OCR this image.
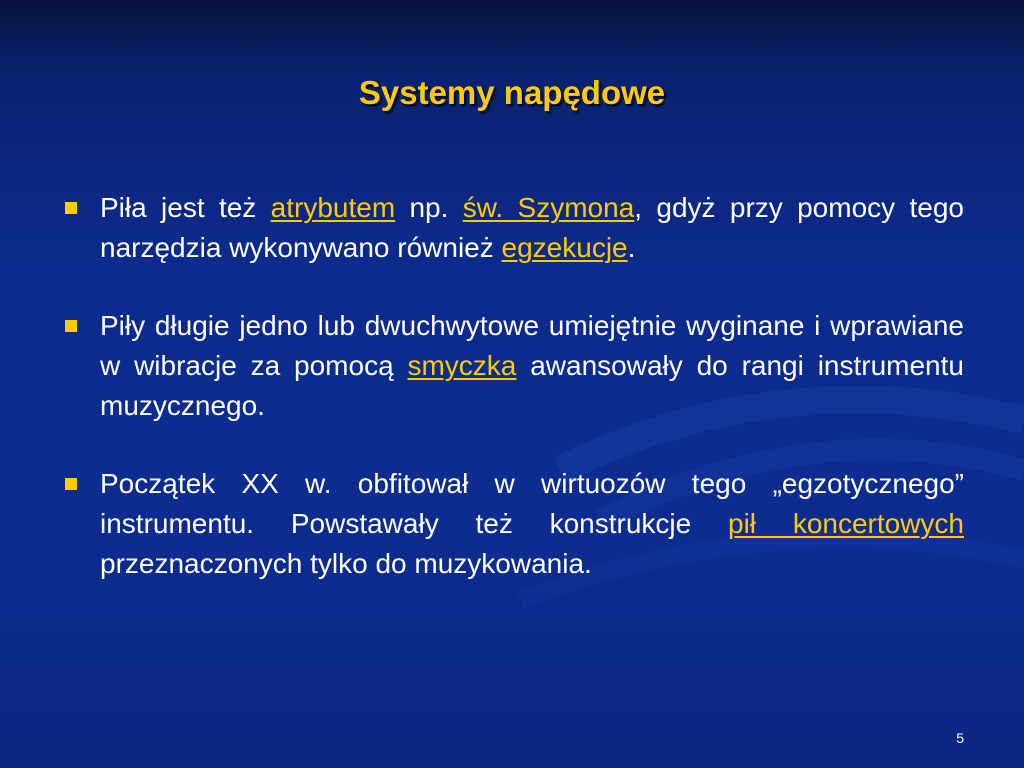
Systemy napędowe
Piła jest też atrybutem np. św. Szymona, gdyż przy pomocy tego narzędzia wykonywano również egzekucje.
Piły długie jedno lub dwuchwytowe umiejętnie wyginane i wprawiane w wibracje za pomocą smyczka awansowały do rangi instrumentu muzycznego.
Początek XX w. obfitował w wirtuozów tego „egzotycznego” instrumentu. Powstawały też konstrukcje pił koncertowych przeznaczonych tylko do muzykowania.
5
